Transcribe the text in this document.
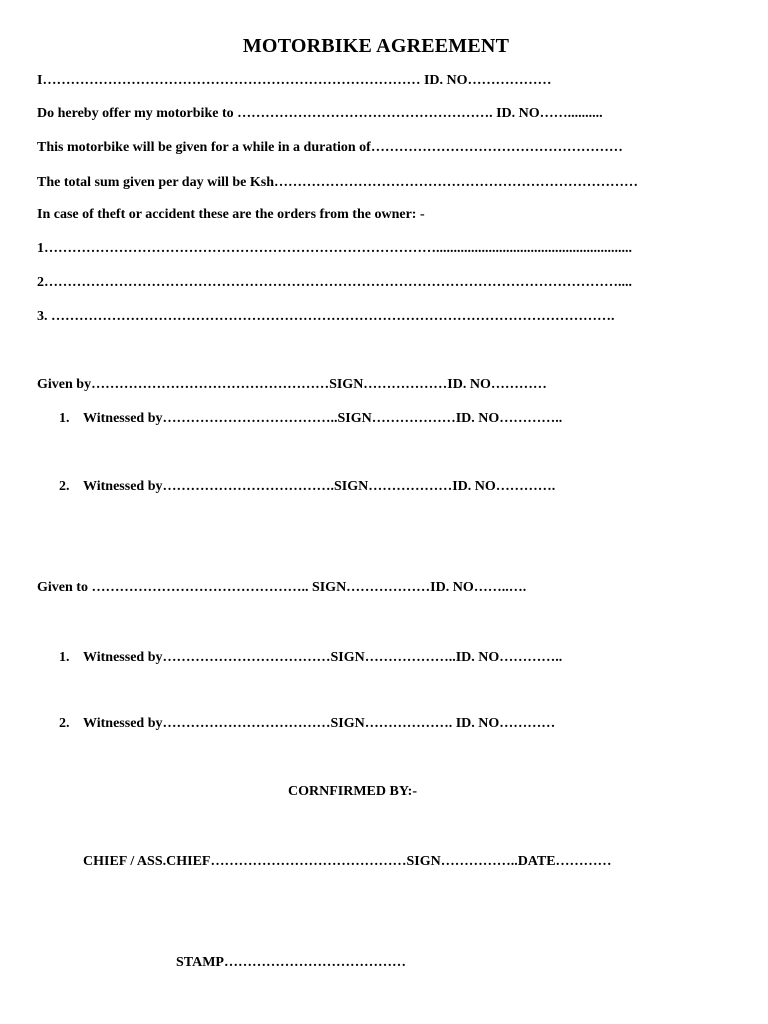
MOTORBIKE AGREEMENT
I……………………………………………………………………… ID. NO………………
Do hereby offer my motorbike to ………………………………………………. ID. NO……..........
This motorbike will be given for a while in a duration of………………………………………………
The total sum given per day will be Ksh……………………………………………………………………
In case of theft or accident these are the orders from the owner: -
1…………………………………………………………………………........................................................
2……………………………………………………………………………………………………………....
3. ………………………………………………………………………………………………………….
Given by……………………………………………SIGN………………ID. NO…………
1. Witnessed by………………………………..SIGN………………ID. NO…………..
2. Witnessed by……………………………….SIGN………………ID. NO………….
Given to ……………………………………….. SIGN………………ID. NO……..….
1. Witnessed by………………………………SIGN………………..ID. NO…………..
2. Witnessed by………………………………SIGN………………. ID. NO…………
CORNFIRMED BY:-
CHIEF / ASS.CHIEF……………………………………SIGN……………..DATE…………
STAMP…………………………………
